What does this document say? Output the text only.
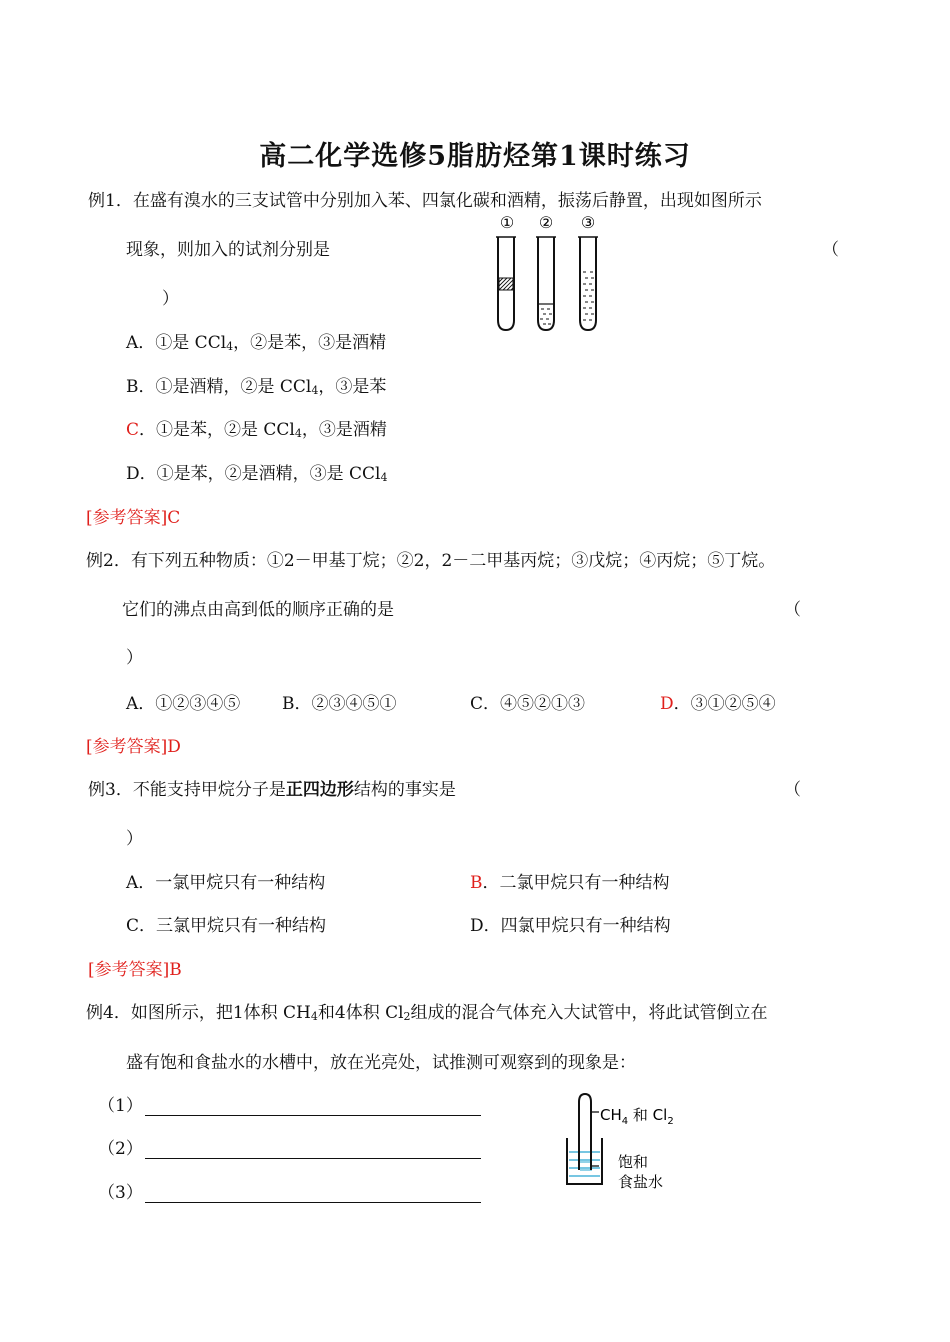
高二化学选修5脂肪烃第1课时练习
例1．在盛有溴水的三支试管中分别加入苯、四氯化碳和酒精，振荡后静置，出现如图所示
现象，则加入的试剂分别是	（
）
① ② ③
A．①是 CCl$_4$，②是苯，③是酒精
B．①是酒精，②是 CCl$_4$，③是苯
C．①是苯，②是 CCl$_4$，③是酒精
D．①是苯，②是酒精，③是 CCl$_4$
[参考答案]C
例2．有下列五种物质：①2－甲基丁烷；②2，2－二甲基丙烷；③戊烷；④丙烷；⑤丁烷。
它们的沸点由高到低的顺序正确的是	（
）
A．①②③④⑤ B．②③④⑤①	C．④⑤②①③	D．③①②⑤④
[参考答案]D
例3．不能支持甲烷分子是正四边形结构的事实是	（
）
A．一氯甲烷只有一种结构	B．二氯甲烷只有一种结构
C．三氯甲烷只有一种结构	D．四氯甲烷只有一种结构
[参考答案]B
例4．如图所示，把1体积 $CH_4$和4体积 $Cl_2$组成的混合气体充入大试管中，将此试管倒立在
盛有饱和食盐水的水槽中，放在光亮处，试推测可观察到的现象是：
（1）
（2）
（3）
$CH_4$ 和 $Cl_2$
饱和
食盐水
